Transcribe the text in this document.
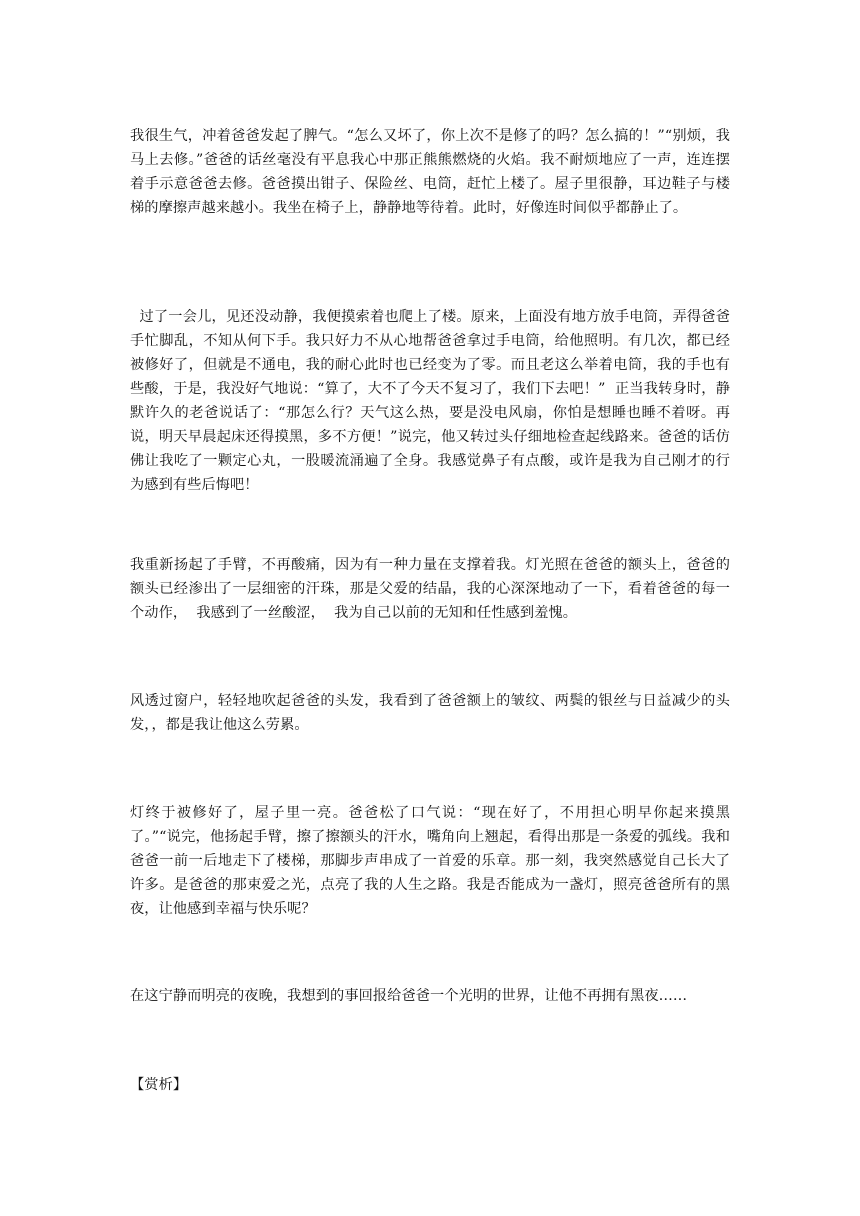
我很生气，冲着爸爸发起了脾气。“怎么又坏了，你上次不是修了的吗？怎么搞的！”“别烦，我马上去修。”爸爸的话丝毫没有平息我心中那正熊熊燃烧的火焰。我不耐烦地应了一声，连连摆着手示意爸爸去修。爸爸摸出钳子、保险丝、电筒，赶忙上楼了。屋子里很静，耳边鞋子与楼梯的摩擦声越来越小。我坐在椅子上，静静地等待着。此时，好像连时间似乎都静止了。

过了一会儿，见还没动静，我便摸索着也爬上了楼。原来，上面没有地方放手电筒，弄得爸爸手忙脚乱，不知从何下手。我只好力不从心地帮爸爸拿过手电筒，给他照明。有几次，都已经被修好了，但就是不通电，我的耐心此时也已经变为了零。而且老这么举着电筒，我的手也有些酸，于是，我没好气地说：“算了，大不了今天不复习了，我们下去吧！”  正当我转身时，静默许久的老爸说话了：“那怎么行？天气这么热，要是没电风扇，你怕是想睡也睡不着呀。再说，明天早晨起床还得摸黑，多不方便！”说完，他又转过头仔细地检查起线路来。爸爸的话仿佛让我吃了一颗定心丸，一股暖流涌遍了全身。我感觉鼻子有点酸，或许是我为自己刚才的行为感到有些后悔吧！

我重新扬起了手臂，不再酸痛，因为有一种力量在支撑着我。灯光照在爸爸的额头上，爸爸的额头已经渗出了一层细密的汗珠，那是父爱的结晶，我的心深深地动了一下，看着爸爸的每一个动作，  我感到了一丝酸涩，  我为自己以前的无知和任性感到羞愧。

风透过窗户，轻轻地吹起爸爸的头发，我看到了爸爸额上的皱纹、两鬓的银丝与日益减少的头发，，都是我让他这么劳累。

灯终于被修好了，屋子里一亮。爸爸松了口气说：“现在好了，不用担心明早你起来摸黑了。”“说完，他扬起手臂，擦了擦额头的汗水，嘴角向上翘起，看得出那是一条爱的弧线。我和爸爸一前一后地走下了楼梯，那脚步声串成了一首爱的乐章。那一刻，我突然感觉自己长大了许多。是爸爸的那束爱之光，点亮了我的人生之路。我是否能成为一盏灯，照亮爸爸所有的黑夜，让他感到幸福与快乐呢？

在这宁静而明亮的夜晚，我想到的事回报给爸爸一个光明的世界，让他不再拥有黑夜……

【赏析】
